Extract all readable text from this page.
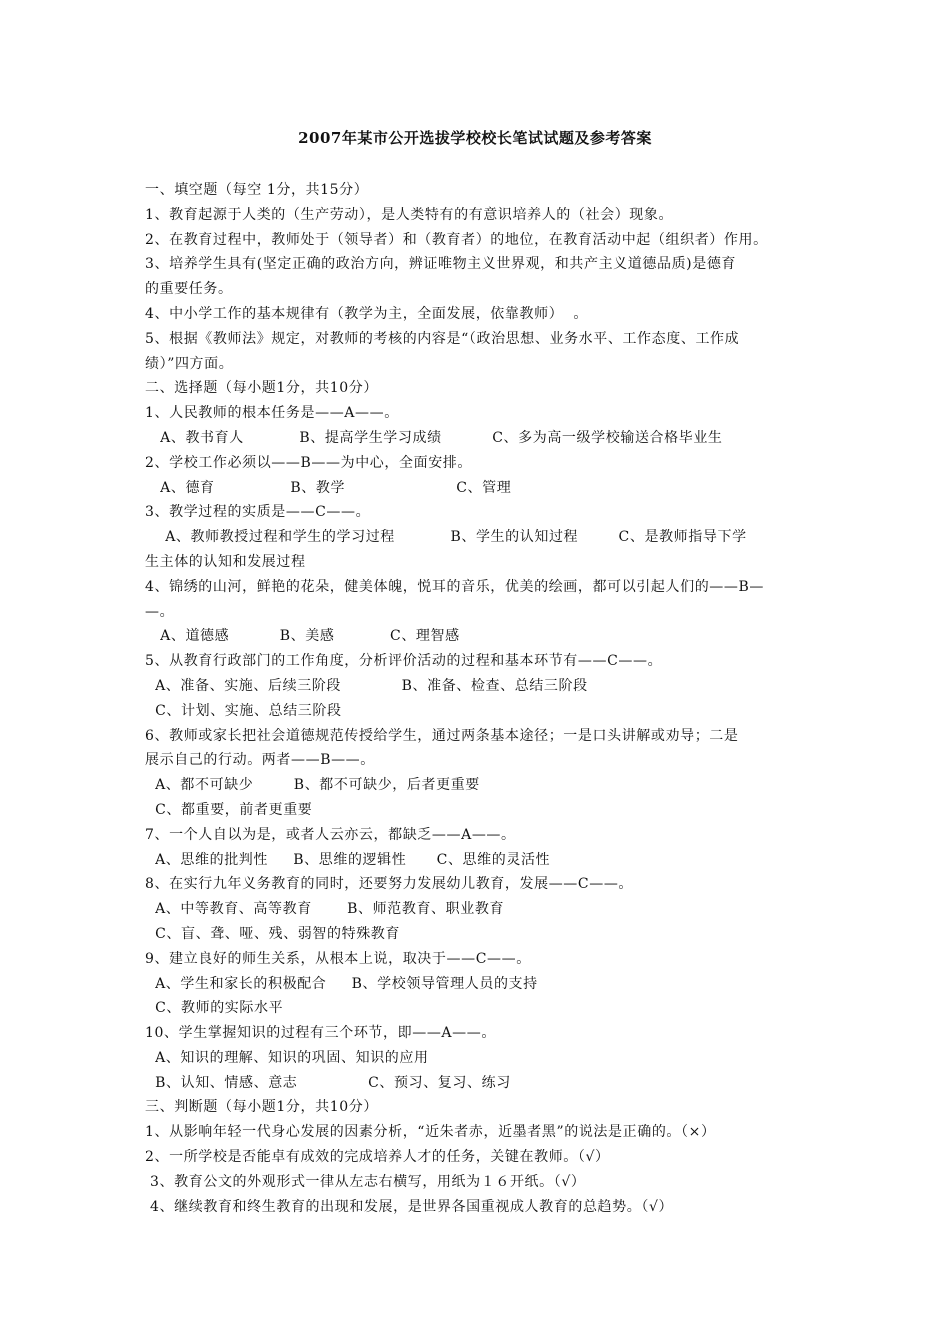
2007年某市公开选拔学校校长笔试试题及参考答案
一、填空题（每空 1分，共15分）
1、教育起源于人类的（生产劳动），是人类特有的有意识培养人的（社会）现象。
2、在教育过程中，教师处于（领导者）和（教育者）的地位，在教育活动中起（组织者）作用。
3、培养学生具有(坚定正确的政治方向，辨证唯物主义世界观，和共产主义道德品质)是德育
的重要任务。
4、中小学工作的基本规律有（教学为主，全面发展，依靠教师）  。
5、根据《教师法》规定，对教师的考核的内容是“（政治思想、业务水平、工作态度、工作成
绩）”四方面。
二、选择题（每小题1分，共10分）
1、人民教师的根本任务是——A——。
A、教书育人           B、提高学生学习成绩          C、多为高一级学校输送合格毕业生
2、学校工作必须以——B——为中心，全面安排。
A、德育               B、教学                      C、管理
3、教学过程的实质是——C——。
A、教师教授过程和学生的学习过程           B、学生的认知过程        C、是教师指导下学
生主体的认知和发展过程
4、锦绣的山河，鲜艳的花朵，健美体魄，悦耳的音乐，优美的绘画，都可以引起人们的——B—
—。
A、道德感          B、美感           C、理智感
5、从教育行政部门的工作角度，分析评价活动的过程和基本环节有——C——。
A、准备、实施、后续三阶段            B、准备、检查、总结三阶段
C、计划、实施、总结三阶段
6、教师或家长把社会道德规范传授给学生，通过两条基本途径；一是口头讲解或劝导；二是
展示自己的行动。两者——B——。
A、都不可缺少        B、都不可缺少，后者更重要
C、都重要，前者更重要
7、一个人自以为是，或者人云亦云，都缺乏——A——。
A、思维的批判性     B、思维的逻辑性      C、思维的灵活性
8、在实行九年义务教育的同时，还要努力发展幼儿教育，发展——C——。
A、中等教育、高等教育       B、师范教育、职业教育
C、盲、聋、哑、残、弱智的特殊教育
9、建立良好的师生关系，从根本上说，取决于——C——。
A、学生和家长的积极配合     B、学校领导管理人员的支持
C、教师的实际水平
10、学生掌握知识的过程有三个环节，即——A——。
A、知识的理解、知识的巩固、知识的应用
B、认知、情感、意志              C、预习、复习、练习
三、判断题（每小题1分，共10分）
1、从影响年轻一代身心发展的因素分析，“近朱者赤，近墨者黑”的说法是正确的。（×）
2、一所学校是否能卓有成效的完成培养人才的任务，关键在教师。（√）
3、教育公文的外观形式一律从左志右横写，用纸为１６开纸。（√）
4、继续教育和终生教育的出现和发展，是世界各国重视成人教育的总趋势。（√）
